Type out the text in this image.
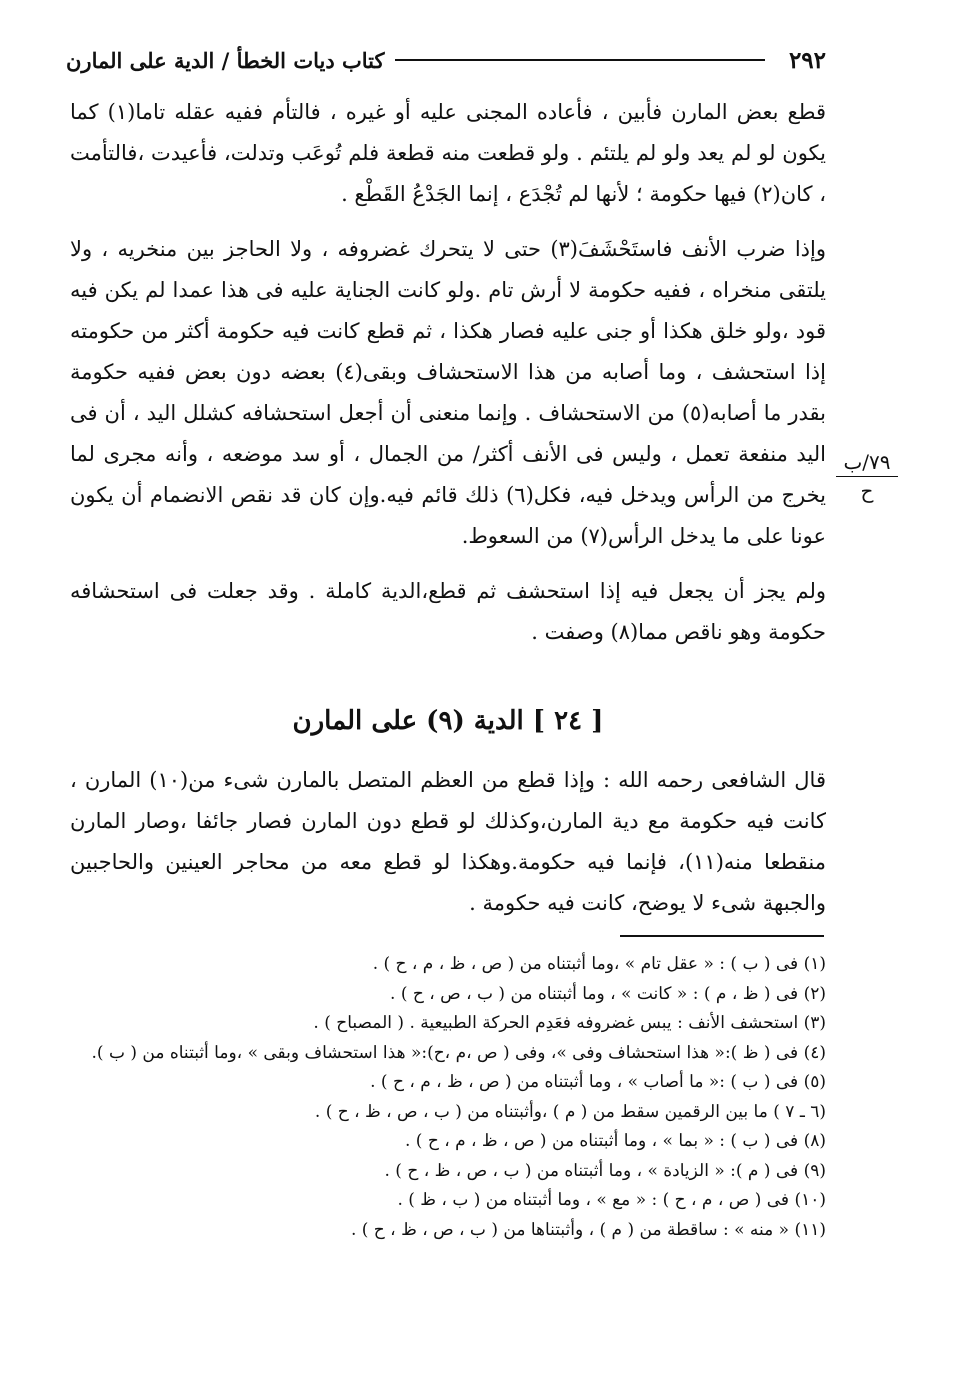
٢٩٢
كتاب ديات الخطأ / الدية على المارن

قطع بعض المارن فأبين ، فأعاده المجنى عليه أو غيره ، فالتأم ففيه عقله تاما(١) كما يكون لو لم يعد ولو لم يلتئم . ولو قطعت منه قطعة فلم تُوعَب وتدلت، فأعيدت ،فالتأمت ، كان(٢) فيها حكومة ؛ لأنها لم تُجْدَع ، إنما الجَدْعُ القَطْع .

وإذا ضرب الأنف فاستَحْشَفَ(٣) حتى لا يتحرك غضروفه ، ولا الحاجز بين منخريه ، ولا يلتقى منخراه ، ففيه حكومة لا أرش تام .ولو كانت الجناية عليه فى هذا عمدا لم يكن فيه قود ،ولو خلق هكذا أو جنى عليه فصار هكذا ، ثم قطع كانت فيه حكومة أكثر من حكومته إذا استحشف ، وما أصابه من هذا الاستحشاف وبقى(٤) بعضه دون بعض ففيه حكومة بقدر ما أصابه(٥) من الاستحشاف . وإنما منعنى أن أجعل استحشافه كشلل اليد ، أن فى اليد منفعة تعمل ، وليس فى الأنف أكثر/ من الجمال ، أو سد موضعه ، وأنه مجرى لما يخرج من الرأس ويدخل فيه، فكل(٦) ذلك قائم فيه.وإن كان قد نقص الانضمام أن يكون عونا على ما يدخل الرأس(٧) من السعوط.

ولم يجز أن يجعل فيه إذا استحشف ثم قطع،الدية كاملة . وقد جعلت فى استحشافه حكومة وهو ناقص مما(٨) وصفت .

٧٩/ب
ح
[ ٢٤ ] الدية (٩) على المارن

قال الشافعى رحمه الله : وإذا قطع من العظم المتصل بالمارن شىء من(١٠) المارن ، كانت فيه حكومة مع دية المارن،وكذلك لو قطع دون المارن فصار جائفا ،وصار المارن منقطعا منه(١١)، فإنما فيه حكومة.وهكذا لو قطع معه من محاجر العينين والحاجبين والجبهة شىء لا يوضح، كانت فيه حكومة .

(١) فى ( ب ) : « عقل تام » ،وما أثبتناه من ( ص ، ظ ، م ، ح ) .
(٢) فى ( ظ ، م ) : « كانت » ، وما أثبتناه من ( ب ، ص ، ح ) .
(٣) استحشف الأنف : يبس غضروفه فعَدِم الحركة الطبيعية . ( المصباح ) .
(٤) فى ( ظ ):« هذا استحشاف وفى »، وفى ( ص ،م ،ح):« هذا استحشاف وبقى » ،وما أثبتناه من ( ب ).
(٥) فى ( ب ) :« ما أصاب » ، وما أثبتناه من ( ص ، ظ ، م ، ح ) .
(٦ ـ ٧ ) ما بين الرقمين سقط من ( م ) ،وأثبتناه من ( ب ، ص ، ظ ، ح ) .
(٨) فى ( ب ) : « بما » ، وما أثبتناه من ( ص ، ظ ، م ، ح ) .
(٩) فى ( م ): « الزيادة » ، وما أثبتناه من ( ب ، ص ، ظ ، ح ) .
(١٠) فى ( ص ، م ، ح ) : « مع » ، وما أثبتناه من ( ب ، ظ ) .
(١١) « منه » : ساقطة من ( م ) ، وأثبتناها من ( ب ، ص ، ظ ، ح ) .
